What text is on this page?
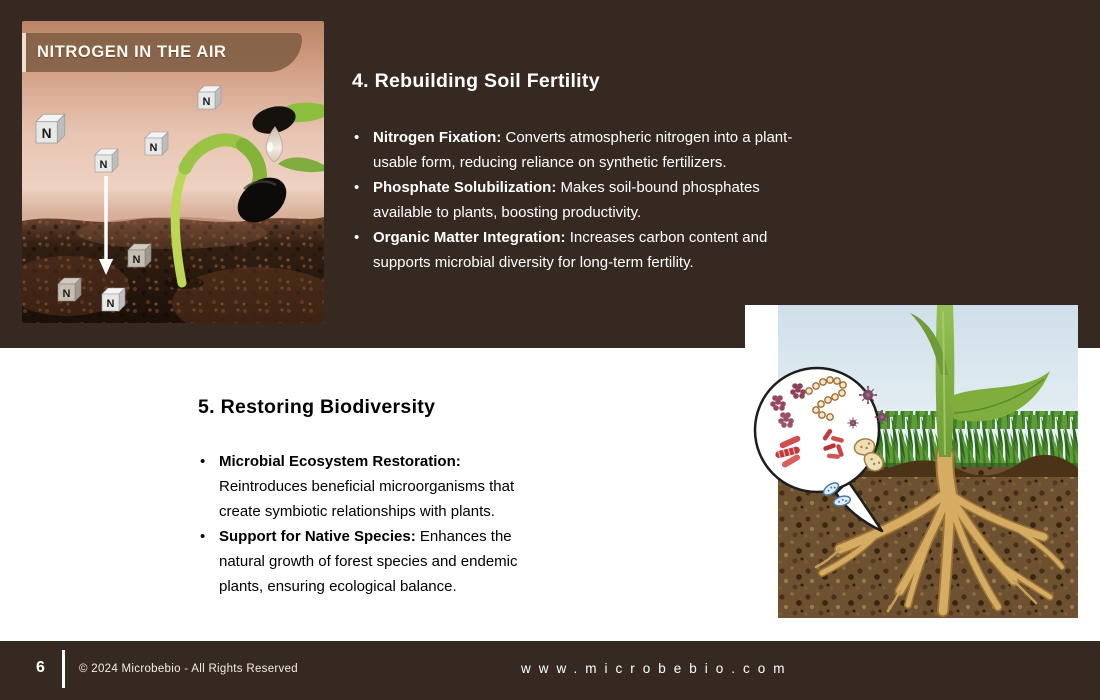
N
N
N
N
N
N
N
NITROGEN IN THE AIR
4. Rebuilding Soil Fertility
• Nitrogen Fixation: Converts atmospheric nitrogen into a plant-usable form, reducing reliance on synthetic fertilizers.
• Phosphate Solubilization: Makes soil-bound phosphates available to plants, boosting productivity.
• Organic Matter Integration: Increases carbon content and supports microbial diversity for long-term fertility.
5. Restoring Biodiversity
• Microbial Ecosystem Restoration: Reintroduces beneficial microorganisms that create symbiotic relationships with plants.
• Support for Native Species: Enhances the natural growth of forest species and endemic plants, ensuring ecological balance.
6	© 2024 Microbebio - All Rights Reserved	www.microbebio.com
